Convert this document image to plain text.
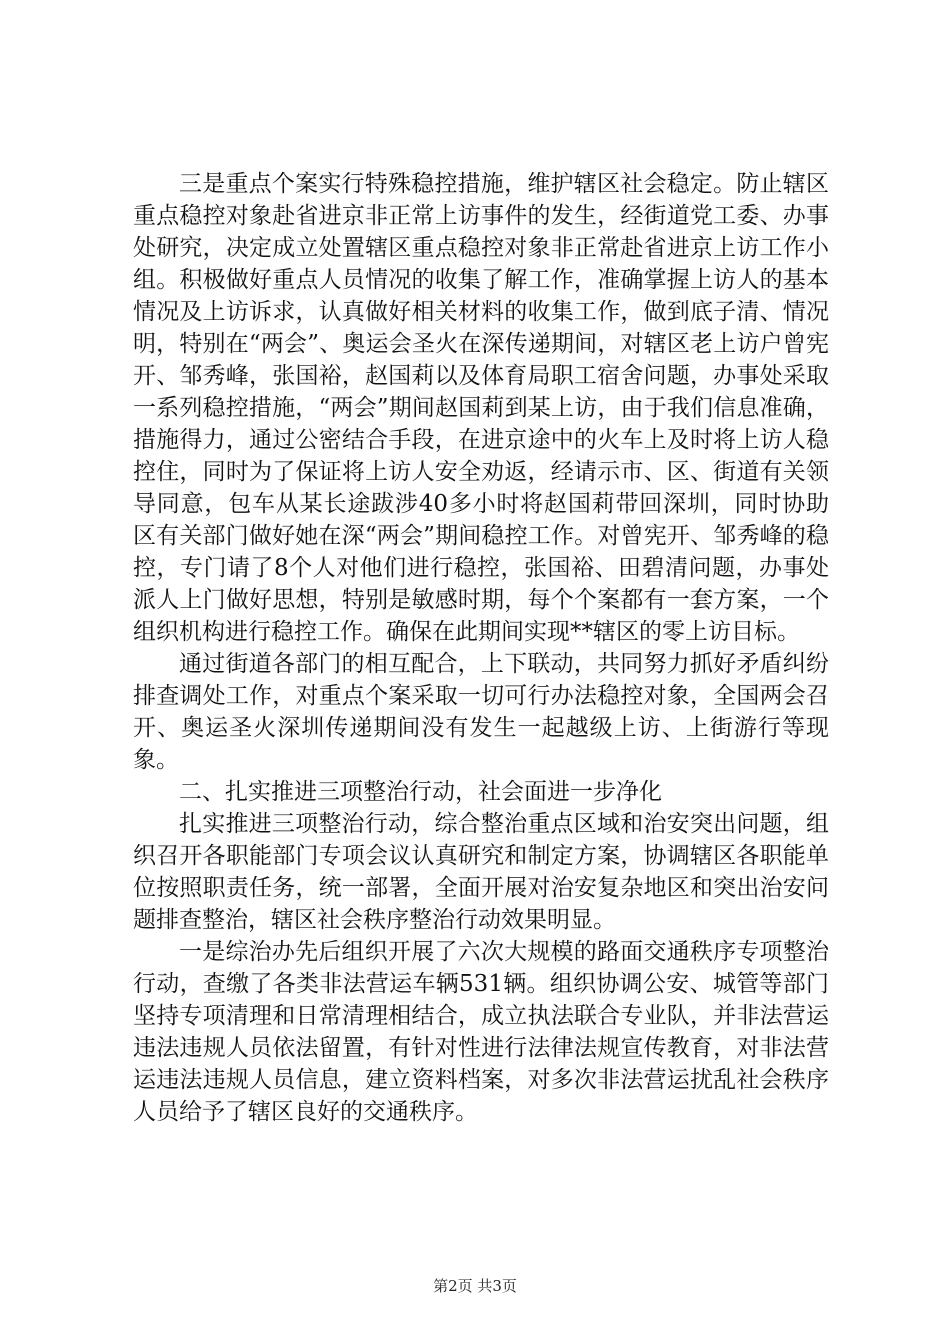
三是重点个案实行特殊稳控措施，维护辖区社会稳定。防止辖区重点稳控对象赴省进京非正常上访事件的发生，经街道党工委、办事处研究，决定成立处置辖区重点稳控对象非正常赴省进京上访工作小组。积极做好重点人员情况的收集了解工作，准确掌握上访人的基本情况及上访诉求，认真做好相关材料的收集工作，做到底子清、情况明，特别在“两会”、奥运会圣火在深传递期间，对辖区老上访户曾宪开、邹秀峰，张国裕，赵国莉以及体育局职工宿舍问题，办事处采取一系列稳控措施，“两会”期间赵国莉到某上访，由于我们信息准确，措施得力，通过公密结合手段，在进京途中的火车上及时将上访人稳控住，同时为了保证将上访人安全劝返，经请示市、区、街道有关领导同意，包车从某长途跋涉40多小时将赵国莉带回深圳，同时协助区有关部门做好她在深“两会”期间稳控工作。对曾宪开、邹秀峰的稳控，专门请了8个人对他们进行稳控，张国裕、田碧清问题，办事处派人上门做好思想，特别是敏感时期，每个个案都有一套方案，一个组织机构进行稳控工作。确保在此期间实现**辖区的零上访目标。

通过街道各部门的相互配合，上下联动，共同努力抓好矛盾纠纷排查调处工作，对重点个案采取一切可行办法稳控对象，全国两会召开、奥运圣火深圳传递期间没有发生一起越级上访、上街游行等现象。

二、扎实推进三项整治行动，社会面进一步净化

扎实推进三项整治行动，综合整治重点区域和治安突出问题，组织召开各职能部门专项会议认真研究和制定方案，协调辖区各职能单位按照职责任务，统一部署，全面开展对治安复杂地区和突出治安问题排查整治，辖区社会秩序整治行动效果明显。

一是综治办先后组织开展了六次大规模的路面交通秩序专项整治行动，查缴了各类非法营运车辆531辆。组织协调公安、城管等部门坚持专项清理和日常清理相结合，成立执法联合专业队，并非法营运违法违规人员依法留置，有针对性进行法律法规宣传教育，对非法营运违法违规人员信息，建立资料档案，对多次非法营运扰乱社会秩序人员给予了辖区良好的交通秩序。

第2页 共3页
